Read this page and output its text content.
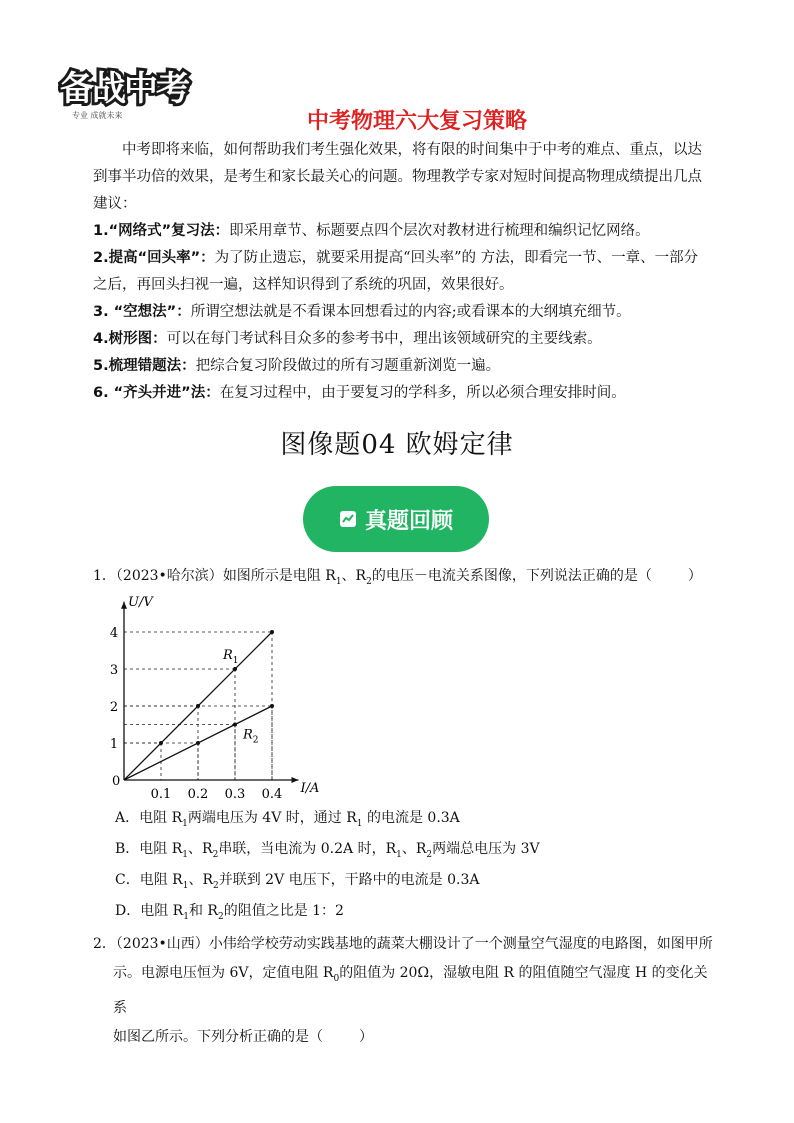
备战中考
专业 成就未来	中考物理六大复习策略

中考即将来临，如何帮助我们考生强化效果，将有限的时间集中于中考的难点、重点，以达到事半功倍的效果，是考生和家长最关心的问题。物理教学专家对短时间提高物理成绩提出几点建议：

1.“网络式”复习法：即采用章节、标题要点四个层次对教材进行梳理和编织记忆网络。

2.提高“回头率”：为了防止遗忘，就要采用提高“回头率”的 方法，即看完一节、一章、一部分之后，再回头扫视一遍，这样知识得到了系统的巩固，效果很好。

3. “空想法”：所谓空想法就是不看课本回想看过的内容;或看课本的大纲填充细节。

4.树形图：可以在每门考试科目众多的参考书中，理出该领域研究的主要线索。

5.梳理错题法：把综合复习阶段做过的所有习题重新浏览一遍。

6. “齐头并进”法：在复习过程中，由于要复习的学科多，所以必须合理安排时间。

图像题04 欧姆定律
真题回顾

1．（2023•哈尔滨）如图所示是电阻 $R_1$、$R_2$的电压－电流关系图像，下列说法正确的是（	）

U/V
I/A
0
0.1 0.2 0.3 0.4
1
2
3
4
$R_1$
$R_2$

A．电阻 $R_1$两端电压为 4V 时，通过 $R_1$ 的电流是 0.3A

B．电阻 $R_1$、$R_2$串联，当电流为 0.2A 时，$R_1$、$R_2$两端总电压为 3V

C．电阻 $R_1$、$R_2$并联到 2V 电压下，干路中的电流是 0.3A

D．电阻 $R_1$和 $R_2$的阻值之比是 1：2

2．（2023•山西）小伟给学校劳动实践基地的蔬菜大棚设计了一个测量空气湿度的电路图，如图甲所
示。电源电压恒为 6V，定值电阻 $R_0$的阻值为 20Ω，湿敏电阻 R 的阻值随空气湿度 H 的变化关系
如图乙所示。下列分析正确的是（	）
